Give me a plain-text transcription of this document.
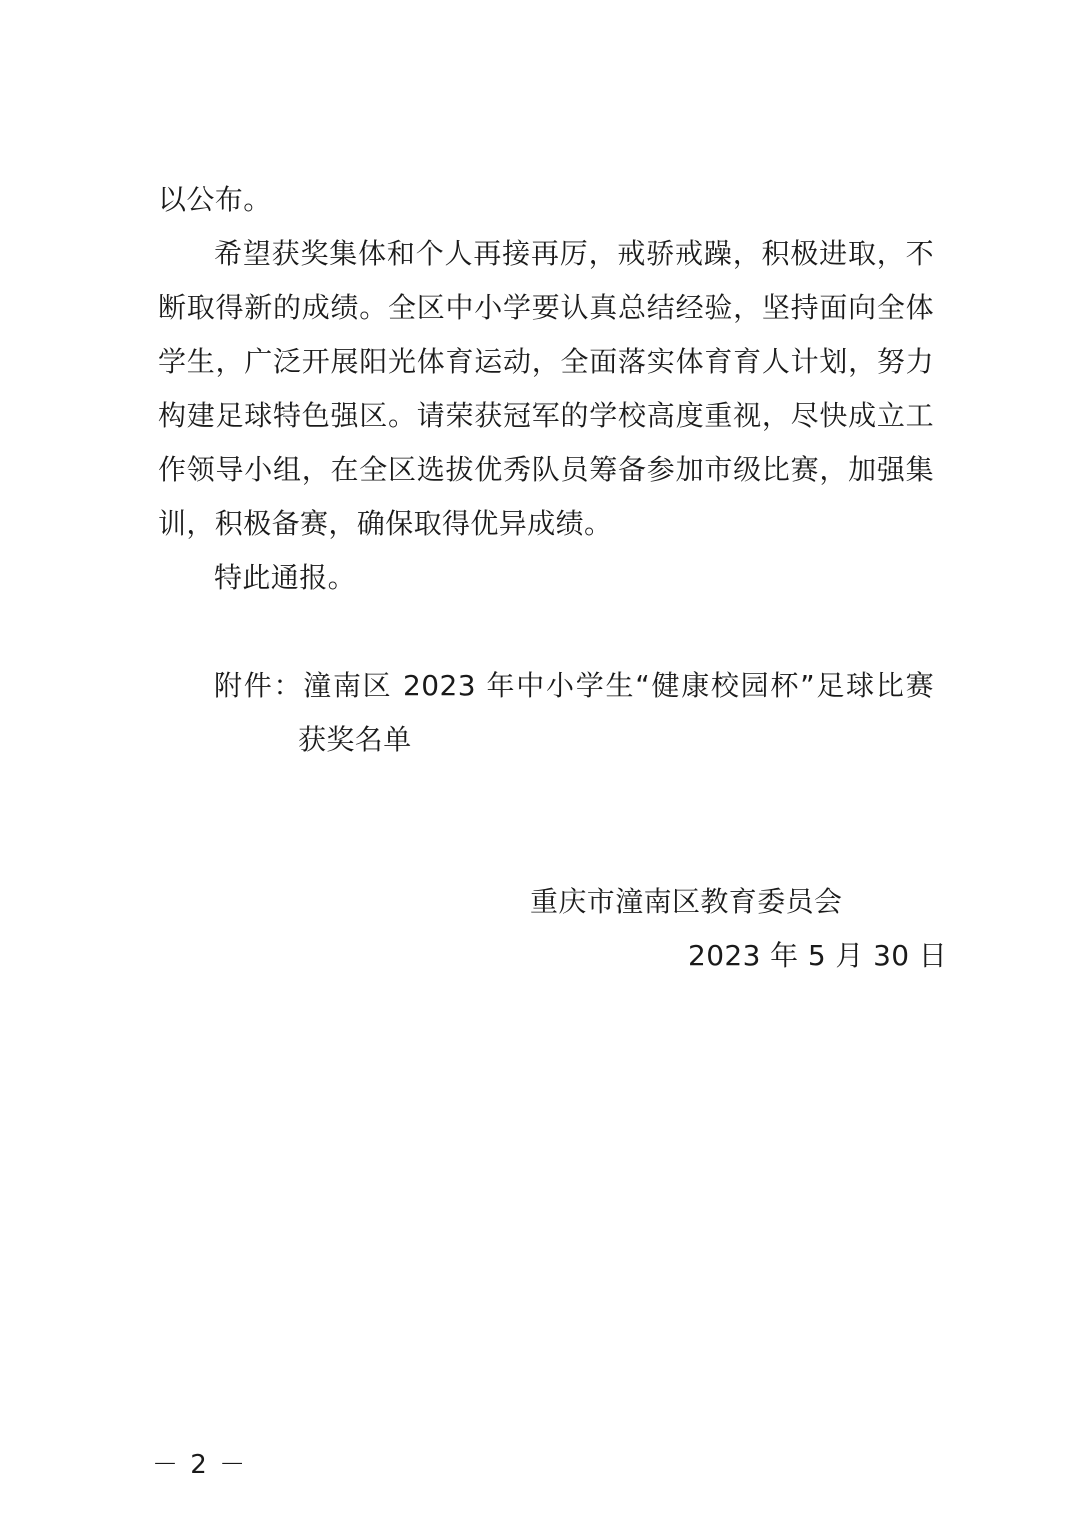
以公布。
希望获奖集体和个人再接再厉，戒骄戒躁，积极进取，不
断取得新的成绩。全区中小学要认真总结经验，坚持面向全体
学生，广泛开展阳光体育运动，全面落实体育育人计划，努力
构建足球特色强区。请荣获冠军的学校高度重视，尽快成立工
作领导小组，在全区选拔优秀队员筹备参加市级比赛，加强集
训，积极备赛，确保取得优异成绩。
特此通报。
附件：潼南区 2023 年中小学生“健康校园杯”足球比赛
获奖名单
重庆市潼南区教育委员会
2023 年 5 月 30 日
－ 2 －
